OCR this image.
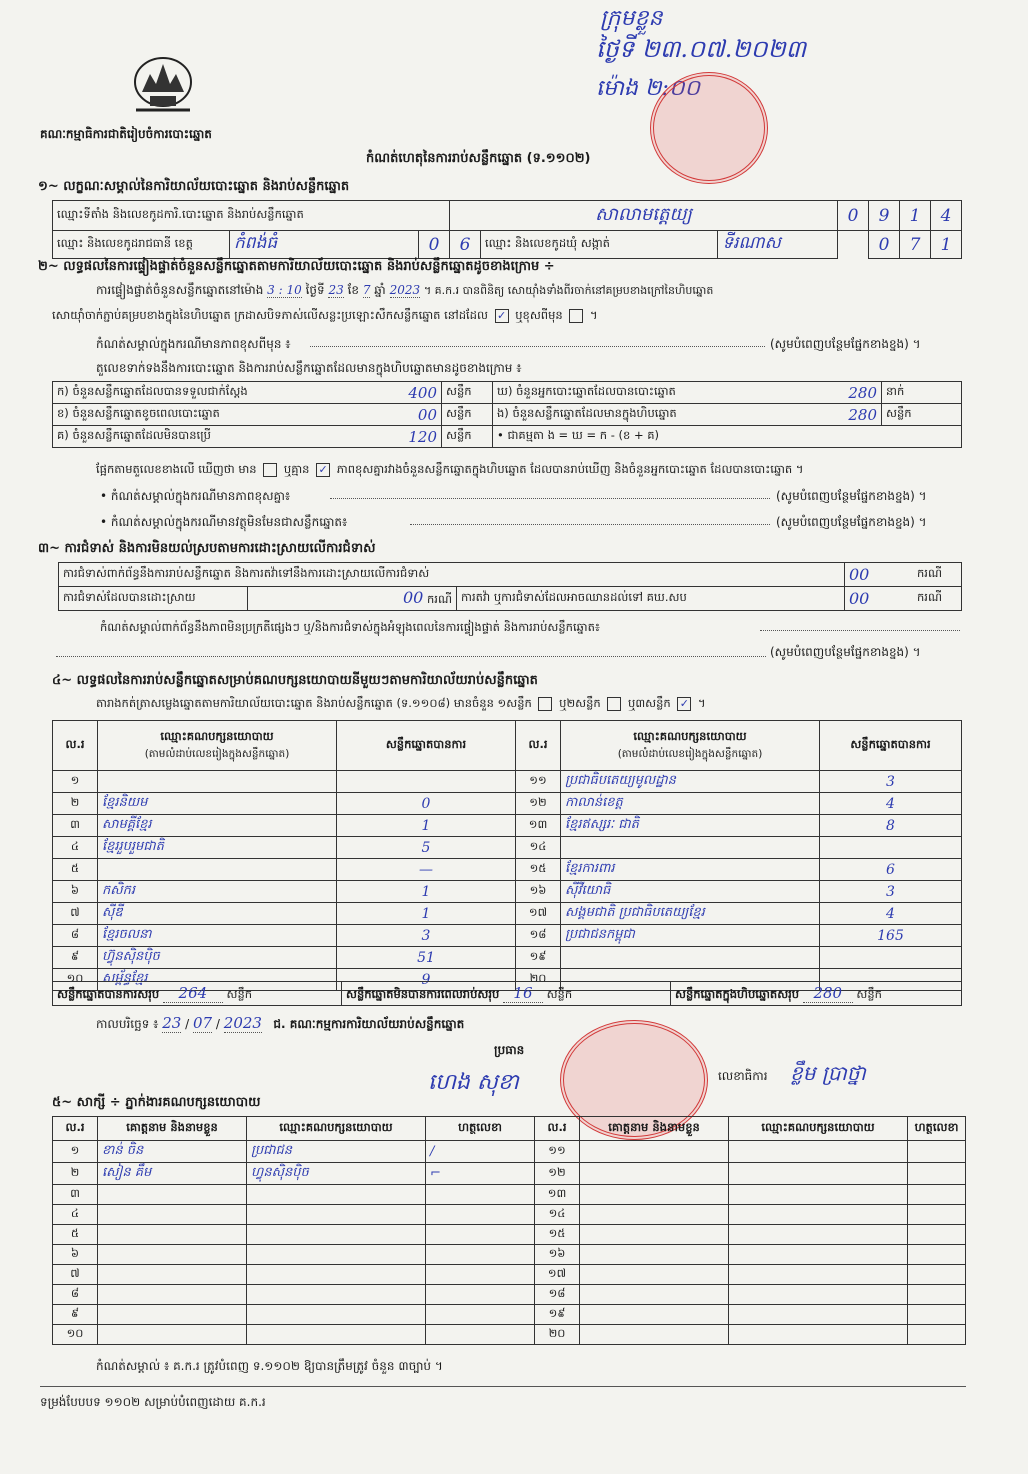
គណៈកម្មាធិការជាតិរៀបចំការបោះឆ្នោត
កំណត់ហេតុនៃការរាប់សន្លឹកឆ្នោត (ទ.១១០២)
ក្រុមខ្លួន
ថ្ងៃទី ២៣.០៧.២០២៣
ម៉ោង ២:០០
១~ លក្ខណៈសម្គាល់នៃការិយាល័យបោះឆ្នោត និងរាប់សន្លឹកឆ្នោត
ឈ្មោះទីតាំង និងលេខកូដការិ.បោះឆ្នោត និងរាប់សន្លឹកឆ្នោត			សាលាមត្តេយ្យ			0	9	1	4
ឈ្មោះ និងលេខកូដរាជធានី ខេត្ត	កំពង់ធំ	0	6	ឈ្មោះ និងលេខកូដឃុំ សង្កាត់	ទីរណាស		0	7	1
២~ លទ្ធផលនៃការផ្ទៀងផ្ទាត់ចំនួនសន្លឹកឆ្នោតតាមការិយាល័យបោះឆ្នោត និងរាប់សន្លឹកឆ្នោតដូចខាងក្រោម ÷
ការផ្ទៀងផ្ទាត់ចំនួនសន្លឹកឆ្នោតនៅម៉ោង 3 : 10 ថ្ងៃទី 23 ខែ 7 ឆ្នាំ 2023 ។ គ.ក.រ បានពិនិត្យ សោយ៉ាំងទាំងពីរចាក់នៅគម្របខាងក្រៅនៃហិបឆ្នោត
សោយ៉ាំចាក់ភ្ជាប់គម្របខាងក្នុងនៃហិបឆ្នោត ក្រដាសបិទភាស់លើសន្លះប្រឡោះសឹកសន្លឹកឆ្នោត នៅដដែល ✓ ឬខុសពីមុន ។
កំណត់សម្គាល់ក្នុងករណីមានភាពខុសពីមុន ៖	(សូមបំពេញបន្ថែមផ្នែកខាងខ្នង) ។
តួលេខទាក់ទងនឹងការបោះឆ្នោត និងការរាប់សន្លឹកឆ្នោតដែលមានក្នុងហិបឆ្នោតមានដូចខាងក្រោម ៖
ក) ចំនួនសន្លឹកឆ្នោតដែលបានទទួលជាក់ស្តែង 400	សន្លឹក	ឃ) ចំនួនអ្នកបោះឆ្នោតដែលបានបោះឆ្នោត 280	នាក់
ខ) ចំនួនសន្លឹកឆ្នោតខូចពេលបោះឆ្នោត 00	សន្លឹក	ង) ចំនួនសន្លឹកឆ្នោតដែលមានក្នុងហិបឆ្នោត 280	សន្លឹក
គ) ចំនួនសន្លឹកឆ្នោតដែលមិនបានប្រើ 120	សន្លឹក	• ជាគម្មតា ង = ឃ = ក - (ខ + គ)	
ផ្អែកតាមតួលេខខាងលើ ឃើញថា មាន ឬគ្មាន ✓ ភាពខុសគ្នារវាងចំនួនសន្លឹកឆ្នោតក្នុងហិបឆ្នោត ដែលបានរាប់ឃើញ និងចំនួនអ្នកបោះឆ្នោត ដែលបានបោះឆ្នោត ។
• កំណត់សម្គាល់ក្នុងករណីមានភាពខុសគ្នា៖	(សូមបំពេញបន្ថែមផ្នែកខាងខ្នង) ។
• កំណត់សម្គាល់ក្នុងករណីមានវត្ថុមិនមែនជាសន្លឹកឆ្នោត៖	(សូមបំពេញបន្ថែមផ្នែកខាងខ្នង) ។
៣~ ការជំទាស់ និងការមិនយល់ស្របតាមការដោះស្រាយលើការជំទាស់
ការជំទាស់ពាក់ព័ន្ធនឹងការរាប់សន្លឹកឆ្នោត និងការតវ៉ាទៅនឹងការដោះស្រាយលើការជំទាស់			00	ករណី
ការជំទាស់ដែលបានដោះស្រាយ	00 ករណី	ការតវ៉ា ឬការជំទាស់ដែលអាចឈានដល់ទៅ គឃ.សប	00	ករណី
កំណត់សម្គាល់ពាក់ព័ន្ធនឹងភាពមិនប្រក្រតីផ្សេងៗ ឬ/និងការជំទាស់ក្នុងអំឡុងពេលនៃការផ្ទៀងផ្ទាត់ និងការរាប់សន្លឹកឆ្នោត៖
(សូមបំពេញបន្ថែមផ្នែកខាងខ្នង) ។
៤~ លទ្ធផលនៃការរាប់សន្លឹកឆ្នោតសម្រាប់គណបក្សនយោបាយនីមួយៗតាមការិយាល័យរាប់សន្លឹកឆ្នោត
តារាងកត់ត្រាសម្លេងឆ្នោតតាមការិយាល័យបោះឆ្នោត និងរាប់សន្លឹកឆ្នោត (ទ.១១០៨) មានចំនួន ១សន្លឹក ឬ២សន្លឹក ឬ៣សន្លឹក ✓ ។
ល.រ	ឈ្មោះគណបក្សនយោបាយ
(តាមលំដាប់លេខរៀងក្នុងសន្លឹកឆ្នោត)	សន្លឹកឆ្នោតបានការ	ល.រ	ឈ្មោះគណបក្សនយោបាយ
(តាមលំដាប់លេខរៀងក្នុងសន្លឹកឆ្នោត)	សន្លឹកឆ្នោតបានការ
១			១១	ប្រជាធិបតេយ្យមូលដ្ឋាន	3
២	ខ្មែរនិយម	0	១២	កាលាន់ខេត្ត	4
៣	សាមគ្គីខ្មែរ	1	១៣	ខ្មែរឥស្សរៈ ជាតិ	8
៤	ខ្មែររួបរួមជាតិ	5	១៤		
៥		—	១៥	ខ្មែរការពារ	6
៦	កសិករ	1	១៦	ស៊ីវីយោធិ	3
៧	ស៊ីឌី	1	១៧	សង្គមជាតិ ប្រជាធិបតេយ្យខ្មែរ	4
៨	ខ្មែរចលនា	3	១៨	ប្រជាជនកម្ពុជា	165
៩	ហ៊្វុនស៊ិនប៉ិច	51	១៩		
១០	សម្ព័ន្ធខ្មែរ	9	២០		
សន្លឹកឆ្នោតបានការសរុប 264 សន្លឹក	សន្លឹកឆ្នោតមិនបានការពេលរាប់សរុប 16 សន្លឹក	សន្លឹកឆ្នោតក្នុងហិបឆ្នោតសរុប 280 សន្លឹក
កាលបរិច្ឆេទ ៖ 23 / 07 / 2023 ជ. គណៈកម្មការការិយាល័យរាប់សន្លឹកឆ្នោត
ប្រធាន
ហេង សុខា	លេខាធិការ ខ្លឹម ប្រាថ្នា
៥~ សាក្សី ÷ ភ្នាក់ងារគណបក្សនយោបាយ
ល.រ	គោត្តនាម និងនាមខ្លួន	ឈ្មោះគណបក្សនយោបាយ	ហត្ថលេខា	ល.រ	គោត្តនាម និងនាមខ្លួន	ឈ្មោះគណបក្សនយោបាយ	ហត្ថលេខា
១	ខាន់ ចិន	ប្រជាជន	/	១១			
២	សៀន គឹម	ហ្វុនស៊ិនប៉ិច	⌐	១២			
៣				១៣			
៤				១៤			
៥				១៥			
៦				១៦			
៧				១៧			
៨				១៨			
៩				១៩			
១០				២០			
កំណត់សម្គាល់ ៖ គ.ក.រ ត្រូវបំពេញ ទ.១១០២ ឱ្យបានត្រឹមត្រូវ ចំនួន ៣ច្បាប់ ។
ទម្រង់បែបបទ ១១០២ សម្រាប់បំពេញដោយ គ.ក.រ
